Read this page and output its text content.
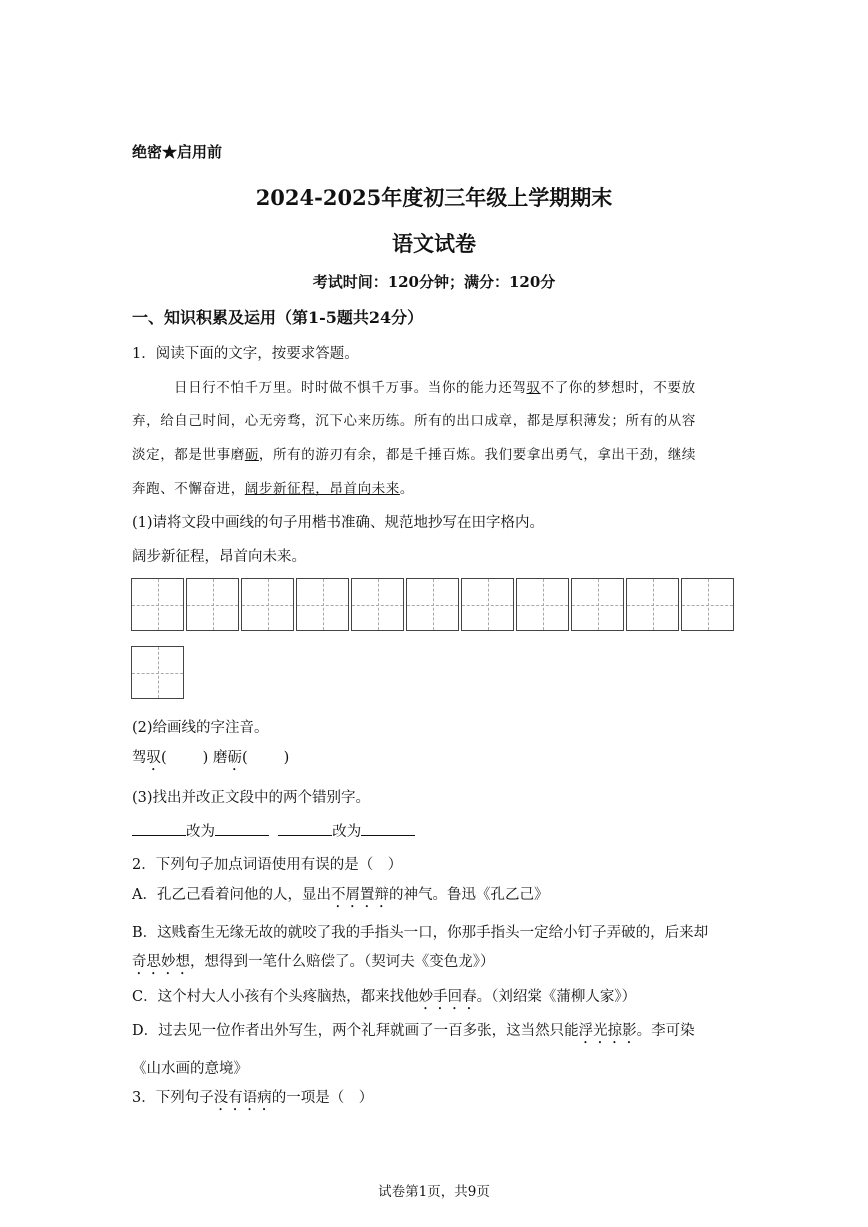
绝密★启用前
2024-2025年度初三年级上学期期末
语文试卷
考试时间：120分钟；满分：120分
一、知识积累及运用（第1-5题共24分）
1．阅读下面的文字，按要求答题。
日日行不怕千万里。时时做不惧千万事。当你的能力还驾驭不了你的梦想时，不要放
弃，给自己时间，心无旁骛，沉下心来历练。所有的出口成章，都是厚积薄发；所有的从容
淡定，都是世事磨砺，所有的游刃有余，都是千捶百炼。我们要拿出勇气，拿出干劲，继续
奔跑、不懈奋进，阔步新征程，昂首向未来。
(1)请将文段中画线的句子用楷书准确、规范地抄写在田字格内。
阔步新征程，昂首向未来。
(2)给画线的字注音。
驾驭( ) 磨砺( )
(3)找出并改正文段中的两个错别字。
改为	改为
2．下列句子加点词语使用有误的是（　）
A．孔乙己看着问他的人，显出不屑置辩的神气。鲁迅《孔乙己》
B．这贱畜生无缘无故的就咬了我的手指头一口，你那手指头一定给小钉子弄破的，后来却
奇思妙想，想得到一笔什么赔偿了。（契诃夫《变色龙》）
C．这个村大人小孩有个头疼脑热，都来找他妙手回春。（刘绍棠《蒲柳人家》）
D．过去见一位作者出外写生，两个礼拜就画了一百多张，这当然只能浮光掠影。李可染
《山水画的意境》
3．下列句子没有语病的一项是（　）
试卷第1页，共9页
